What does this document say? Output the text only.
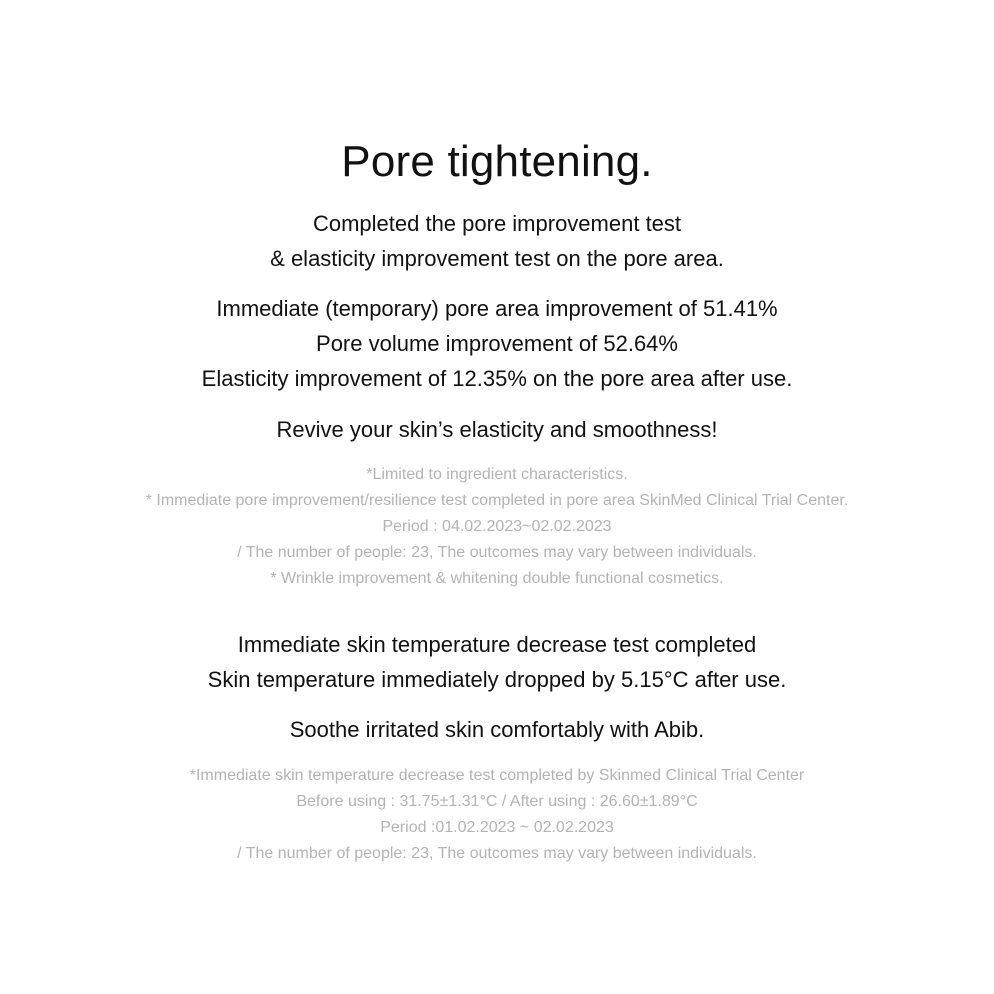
Pore tightening.
Completed the pore improvement test
& elasticity improvement test on the pore area.
Immediate (temporary) pore area improvement of 51.41%
Pore volume improvement of 52.64%
Elasticity improvement of 12.35% on the pore area after use.
Revive your skin’s elasticity and smoothness!
*Limited to ingredient characteristics.
* Immediate pore improvement/resilience test completed in pore area SkinMed Clinical Trial Center.
Period : 04.02.2023~02.02.2023
/ The number of people: 23, The outcomes may vary between individuals.
* Wrinkle improvement & whitening double functional cosmetics.
Immediate skin temperature decrease test completed
Skin temperature immediately dropped by 5.15°C after use.
Soothe irritated skin comfortably with Abib.
*Immediate skin temperature decrease test completed by Skinmed Clinical Trial Center
Before using : 31.75±1.31°C / After using : 26.60±1.89°C
Period :01.02.2023 ~ 02.02.2023
/ The number of people: 23, The outcomes may vary between individuals.
